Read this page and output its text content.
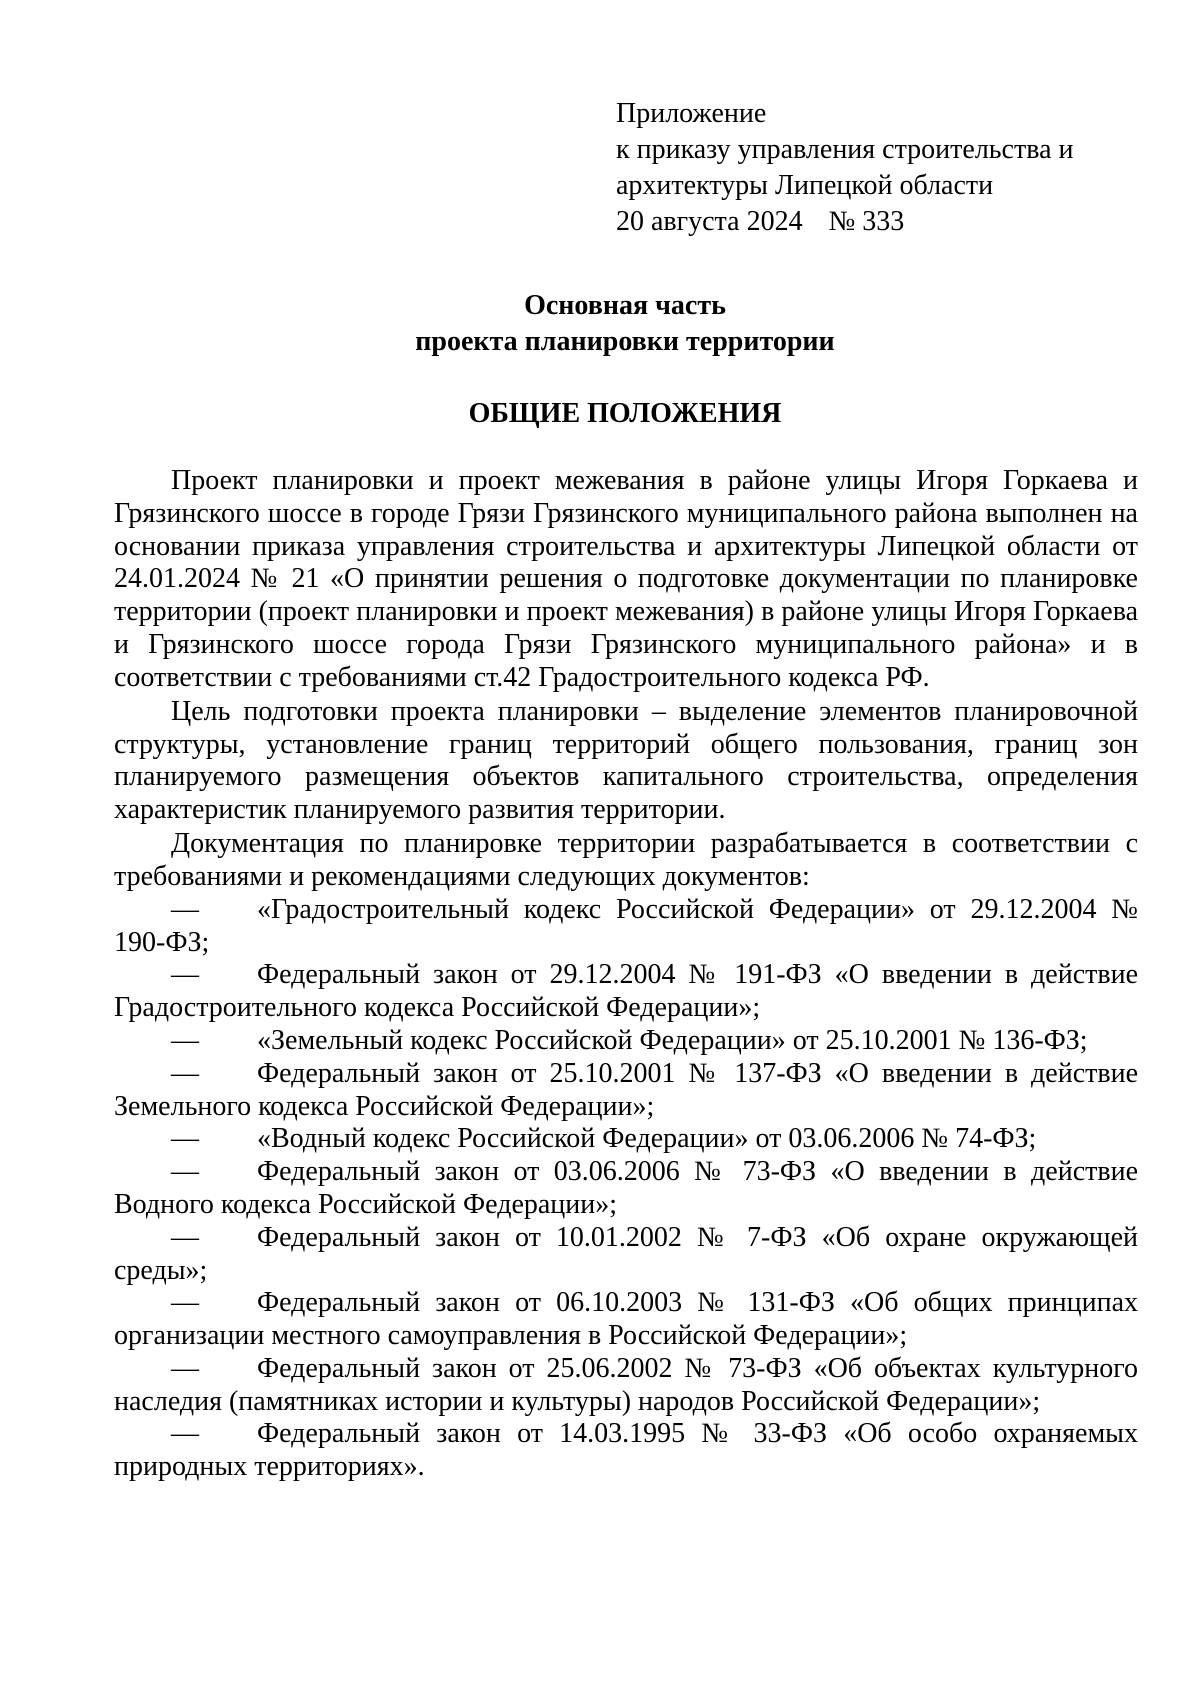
Приложение
к приказу управления строительства и
архитектуры Липецкой области
20 августа 2024 № 333
Основная часть
проекта планировки территории
ОБЩИЕ ПОЛОЖЕНИЯ

Проект планировки и проект межевания в районе улицы Игоря Горкаева и Грязинского шоссе в городе Грязи Грязинского муниципального района выполнен на основании приказа управления строительства и архитектуры Липецкой области от 24.01.2024 № 21 «О принятии решения о подготовке документации по планировке территории (проект планировки и проект межевания) в районе улицы Игоря Горкаева и Грязинского шоссе города Грязи Грязинского муниципального района» и в соответствии с требованиями ст.42 Градостроительного кодекса РФ.

Цель подготовки проекта планировки – выделение элементов планировочной структуры, установление границ территорий общего пользования, границ зон планируемого размещения объектов капитального строительства, определения характеристик планируемого развития территории.

Документация по планировке территории разрабатывается в соответствии с требованиями и рекомендациями следующих документов:

— «Градостроительный кодекс Российской Федерации» от 29.12.2004 № 190-ФЗ;

— Федеральный закон от 29.12.2004 № 191-ФЗ «О введении в действие Градостроительного кодекса Российской Федерации»;

— «Земельный кодекс Российской Федерации» от 25.10.2001 № 136-ФЗ;

— Федеральный закон от 25.10.2001 № 137-ФЗ «О введении в действие Земельного кодекса Российской Федерации»;

— «Водный кодекс Российской Федерации» от 03.06.2006 № 74-ФЗ;

— Федеральный закон от 03.06.2006 № 73-ФЗ «О введении в действие Водного кодекса Российской Федерации»;

— Федеральный закон от 10.01.2002 № 7-ФЗ «Об охране окружающей среды»;

— Федеральный закон от 06.10.2003 № 131-ФЗ «Об общих принципах организации местного самоуправления в Российской Федерации»;

— Федеральный закон от 25.06.2002 № 73-ФЗ «Об объектах культурного наследия (памятниках истории и культуры) народов Российской Федерации»;

— Федеральный закон от 14.03.1995 № 33-ФЗ «Об особо охраняемых природных территориях».
